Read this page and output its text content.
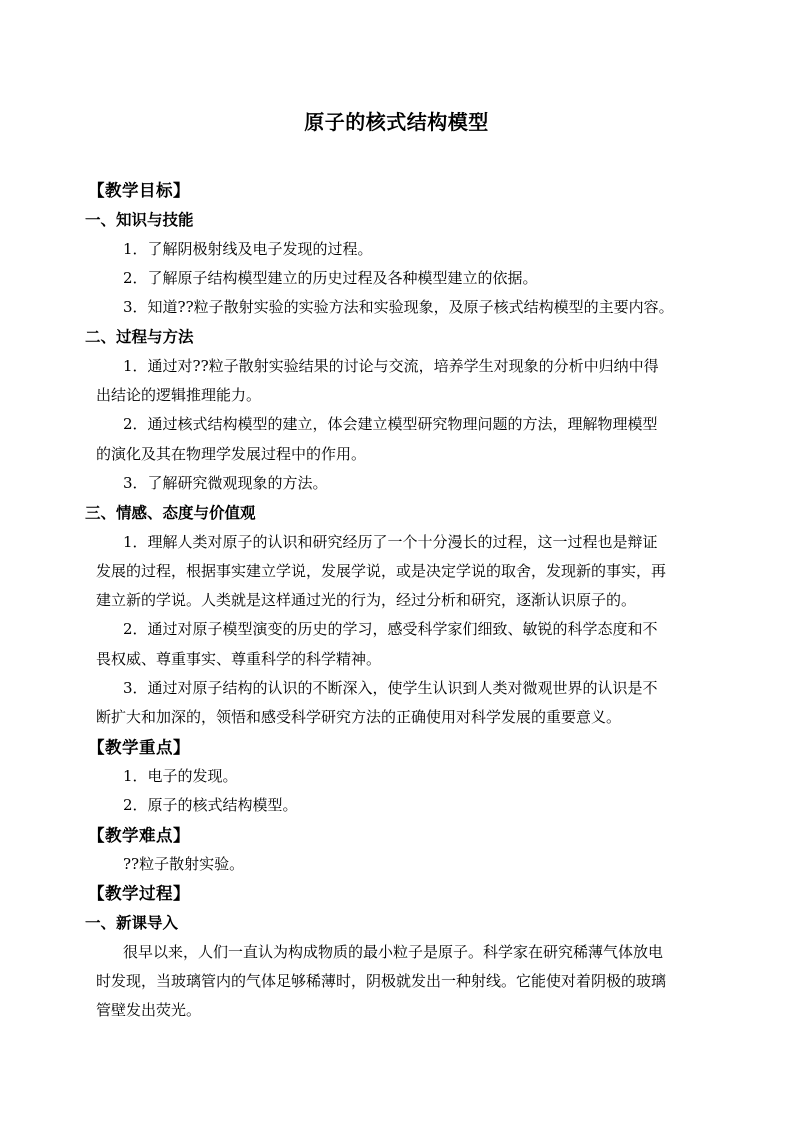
原子的核式结构模型
【教学目标】
一、知识与技能
1．了解阴极射线及电子发现的过程。
2．了解原子结构模型建立的历史过程及各种模型建立的依据。
3．知道??粒子散射实验的实验方法和实验现象，及原子核式结构模型的主要内容。
二、过程与方法
1．通过对??粒子散射实验结果的讨论与交流，培养学生对现象的分析中归纳中得
出结论的逻辑推理能力。
2．通过核式结构模型的建立，体会建立模型研究物理问题的方法，理解物理模型
的演化及其在物理学发展过程中的作用。
3．了解研究微观现象的方法。
三、情感、态度与价值观
1．理解人类对原子的认识和研究经历了一个十分漫长的过程，这一过程也是辩证
发展的过程，根据事实建立学说，发展学说，或是决定学说的取舍，发现新的事实，再
建立新的学说。人类就是这样通过光的行为，经过分析和研究，逐渐认识原子的。
2．通过对原子模型演变的历史的学习，感受科学家们细致、敏锐的科学态度和不
畏权威、尊重事实、尊重科学的科学精神。
3．通过对原子结构的认识的不断深入，使学生认识到人类对微观世界的认识是不
断扩大和加深的，领悟和感受科学研究方法的正确使用对科学发展的重要意义。
【教学重点】
1．电子的发现。
2．原子的核式结构模型。
【教学难点】
??粒子散射实验。
【教学过程】
一、新课导入
很早以来，人们一直认为构成物质的最小粒子是原子。科学家在研究稀薄气体放电
时发现，当玻璃管内的气体足够稀薄时，阴极就发出一种射线。它能使对着阴极的玻璃
管壁发出荧光。
